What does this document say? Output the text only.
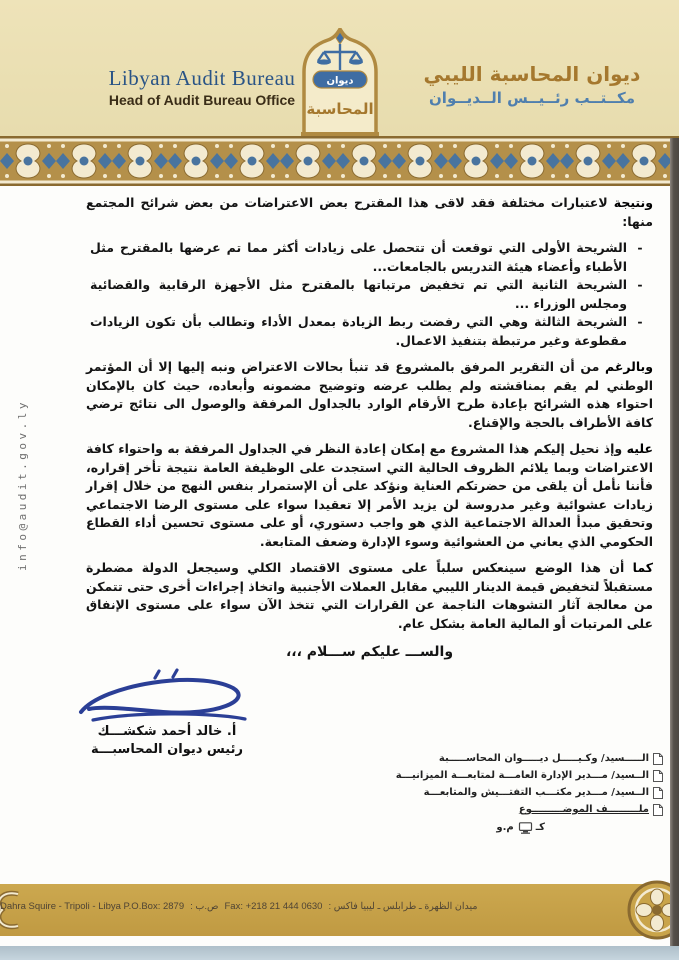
Libyan Audit Bureau
Head of Audit Bureau Office
ديوان
المحاسبة
ديوان المحاسبة الليبي
مكــتــب رئــيــس الــديــوان
info@audit.gov.ly

ونتيجة لاعتبارات مختلفة فقد لاقى هذا المقترح بعض الاعتراضات من بعض شرائح المجتمع منها:

-
الشريحة الأولى التي توقعت أن تتحصل على زيادات أكثر مما تم عرضها بالمقترح مثل الأطباء وأعضاء هيئة التدريس بالجامعات...
-
الشريحة الثانية التي تم تخفيض مرتباتها بالمقترح مثل الأجهزة الرقابية والقضائية ومجلس الوزراء ...
-
الشريحة الثالثة وهي التي رفضت ربط الزيادة بمعدل الأداء وتطالب بأن تكون الزيادات مقطوعة وغير مرتبطة بتنفيذ الاعمال.

وبالرغم من أن التقرير المرفق بالمشروع قد تنبأ بحالات الاعتراض ونبه إليها إلا أن المؤتمر الوطني لم يقم بمناقشته ولم يطلب عرضه وتوضيح مضمونه وأبعاده، حيث كان بالإمكان احتواء هذه الشرائح بإعادة طرح الأرقام الوارد بالجداول المرفقة والوصول الى نتائج ترضي كافة الأطراف بالحجة والإقناع.

عليه وإذ نحيل إليكم هذا المشروع مع إمكان إعادة النظر في الجداول المرفقة به واحتواء كافة الاعتراضات وبما يلائم الظروف الحالية التي استجدت على الوظيفة العامة نتيجة تأخر إقراره، فأننا نأمل أن يلقى من حضرتكم العناية ونؤكد على أن الإستمرار بنفس النهج من خلال إقرار زيادات عشوائية وغير مدروسة لن يزيد الأمر إلا تعقيدا سواء على مستوى الرضا الاجتماعي وتحقيق مبدأ العدالة الاجتماعية الذي هو واجب دستوري، أو على مستوى تحسين أداء القطاع الحكومي الذي يعاني من العشوائية وسوء الإدارة وضعف المتابعة.

كما أن هذا الوضع سينعكس سلباً على مستوى الاقتصاد الكلي وسيجعل الدولة مضطرة مستقبلاً لتخفيض قيمة الدينار الليبي مقابل العملات الأجنبية واتخاذ إجراءات أخرى حتى تتمكن من معالجة آثار التشوهات الناجمة عن القرارات التي تتخذ الآن سواء على مستوى الإنفاق على المرتبات أو المالية العامة بشكل عام.

والســـ عليكم ســـلام ،،،
أ. خالد أحمد شكشـــك
رئيس ديوان المحاسبـــة
الـــــسيد/ وكـيـــــل ديـــــوان المحاســـــبة
الــسيد/ مـــدير الإدارة العامـــة لمتابعـــة الميزانيـــة
الــسيد/ مـــدير مكتـــب التفتـــيش والمتابعـــة
ملـــــــــف الموضـــــــــوع
كـ
م.و
Dahra Squire - Tripoli - Libya P.O.Box: 2879 ص.ب : Fax: +218 21 444 0630 ميدان الظهرة ـ طرابلس ـ ليبيا فاكس :
